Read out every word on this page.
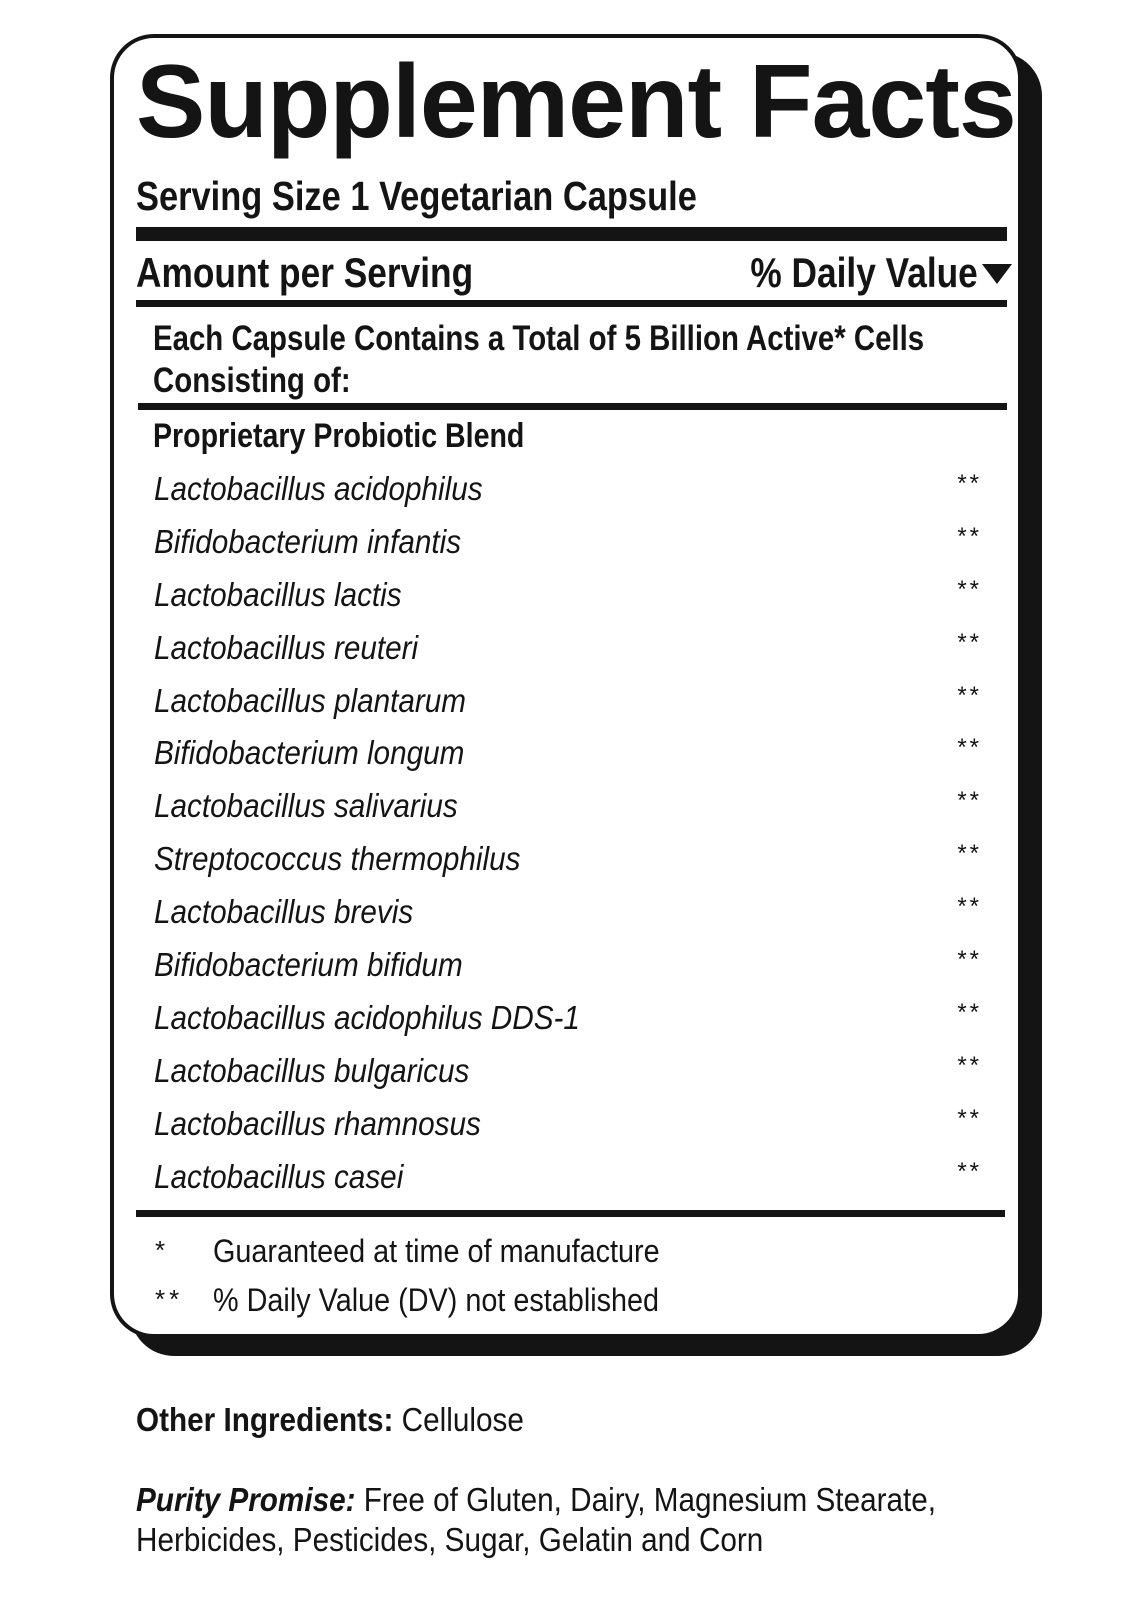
Supplement Facts
Serving Size 1 Vegetarian Capsule
Amount per Serving	% Daily Value
Each Capsule Contains a Total of 5 Billion Active* Cells
Consisting of:
Proprietary Probiotic Blend
Lactobacillus acidophilus	**
Bifidobacterium infantis	**
Lactobacillus lactis	**
Lactobacillus reuteri	**
Lactobacillus plantarum	**
Bifidobacterium longum	**
Lactobacillus salivarius	**
Streptococcus thermophilus	**
Lactobacillus brevis	**
Bifidobacterium bifidum	**
Lactobacillus acidophilus DDS-1	**
Lactobacillus bulgaricus	**
Lactobacillus rhamnosus	**
Lactobacillus casei	**
* Guaranteed at time of manufacture
** % Daily Value (DV) not established
Other Ingredients: Cellulose
Purity Promise: Free of Gluten, Dairy, Magnesium Stearate, Herbicides, Pesticides, Sugar, Gelatin and Corn
